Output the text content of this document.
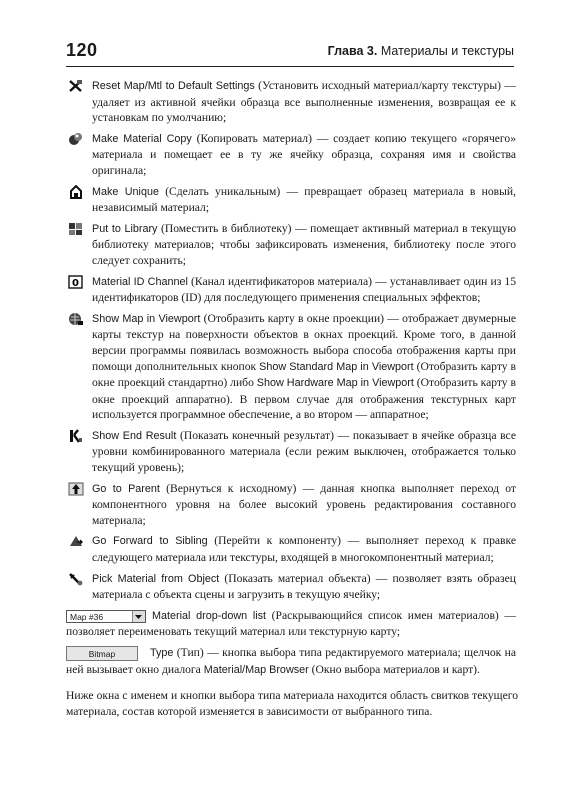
120	Глава 3. Материалы и текстуры
Reset Map/Mtl to Default Settings (Установить исходный материал/карту текстуры) — удаляет из активной ячейки образца все выполненные изменения, возвращая ее к установкам по умолчанию;
Make Material Copy (Копировать материал) — создает копию текущего «горячего» материала и помещает ее в ту же ячейку образца, сохраняя имя и свойства оригинала;
Make Unique (Сделать уникальным) — превращает образец материала в новый, независимый материал;
Put to Library (Поместить в библиотеку) — помещает активный материал в текущую библиотеку материалов; чтобы зафиксировать изменения, библиотеку после этого следует сохранить;
0 Material ID Channel (Канал идентификаторов материала) — устанавливает один из 15 идентификаторов (ID) для последующего применения специальных эффектов;
Show Map in Viewport (Отобразить карту в окне проекции) — отображает двумерные карты текстур на поверхности объектов в окнах проекций. Кроме того, в данной версии программы появилась возможность выбора способа отображения карты при помощи дополнительных кнопок Show Standard Map in Viewport (Отобразить карту в окне проекций стандартно) либо Show Hardware Map in Viewport (Отобразить карту в окне проекций аппаратно). В первом случае для отображения текстурных карт используется программное обеспечение, а во втором — аппаратное;
Show End Result (Показать конечный результат) — показывает в ячейке образца все уровни комбинированного материала (если режим выключен, отображается только текущий уровень);
Go to Parent (Вернуться к исходному) — данная кнопка выполняет переход от компонентного уровня на более высокий уровень редактирования составного материала;
Go Forward to Sibling (Перейти к компоненту) — выполняет переход к правке следующего материала или текстуры, входящей в многокомпонентный материал;
Pick Material from Object (Показать материал объекта) — позволяет взять образец материала с объекта сцены и загрузить в текущую ячейку;
Map #36	Material drop-down list (Раскрывающийся список имен материалов) — позволяет переименовать текущий материал или текстурную карту;
Bitmap	Type (Тип) — кнопка выбора типа редактируемого материала; щелчок на ней вызывает окно диалога Material/Map Browser (Окно выбора материалов и карт).
Ниже окна с именем и кнопки выбора типа материала находится область свитков текущего материала, состав которой изменяется в зависимости от выбранного типа.
